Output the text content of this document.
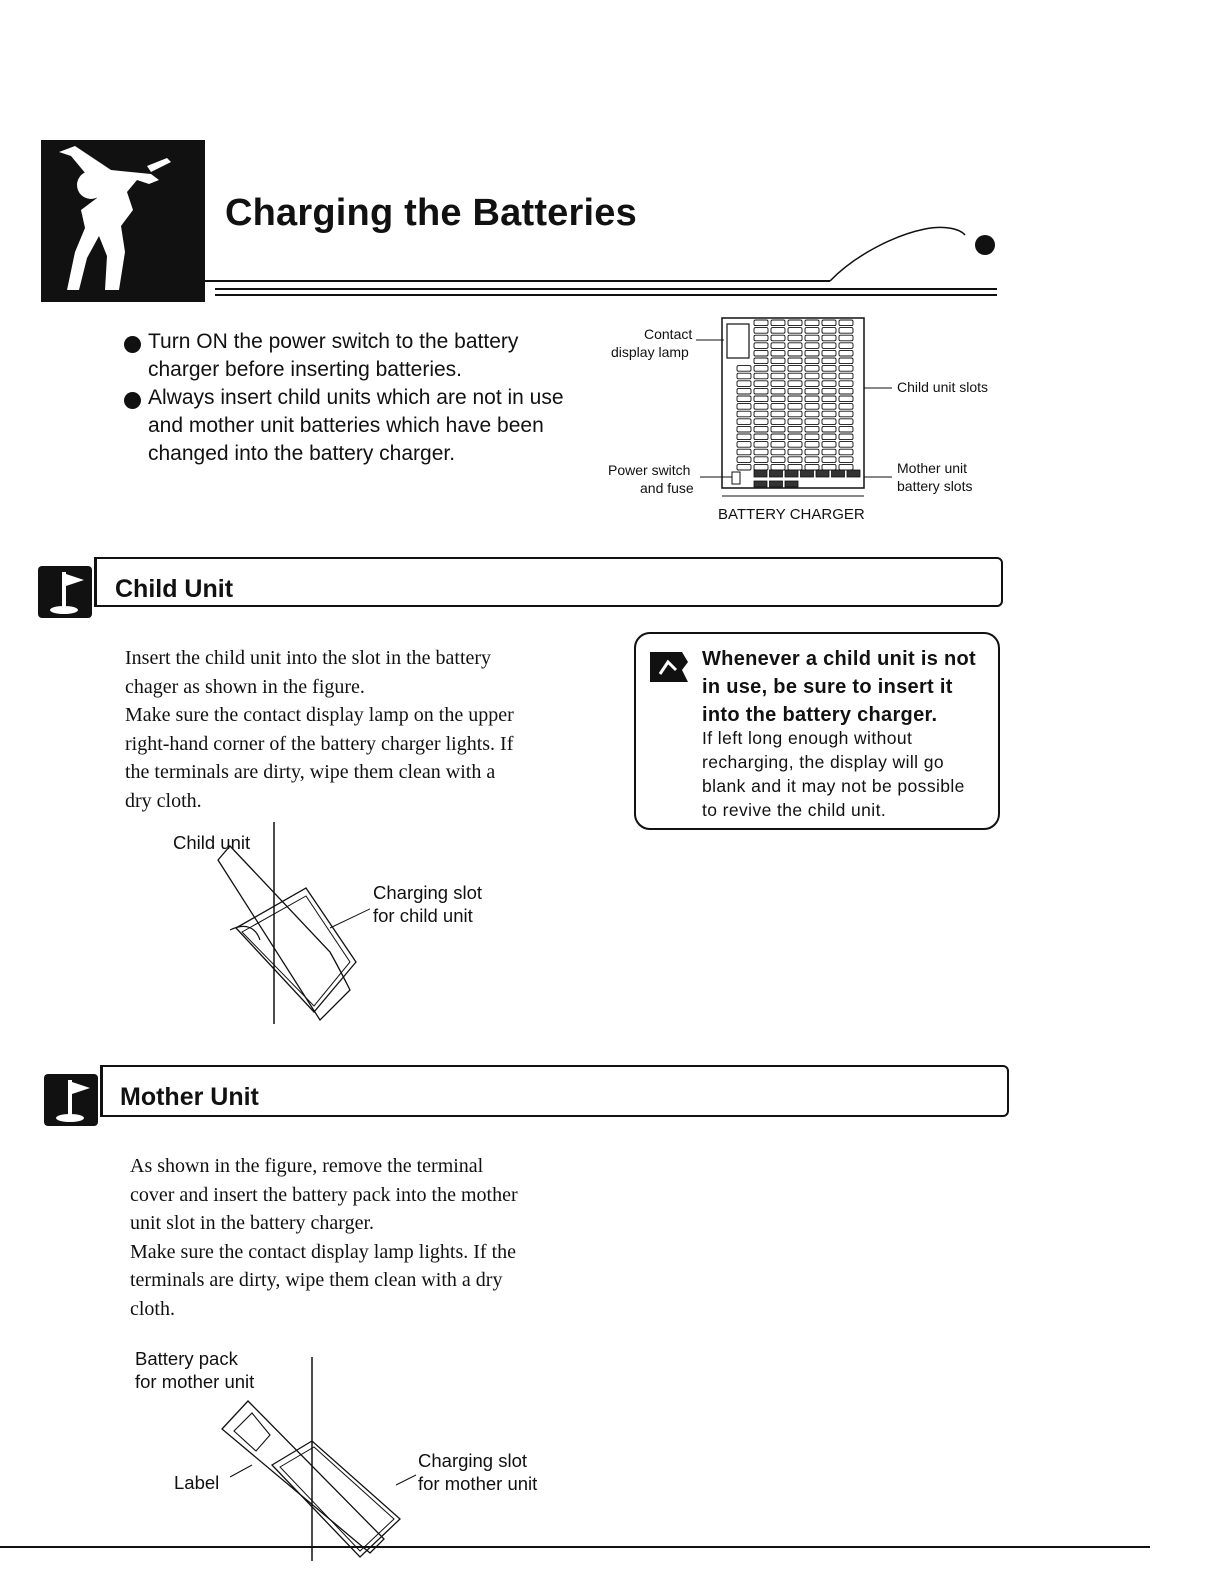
Charging the Batteries
Turn ON the power switch to the battery charger before inserting batteries.
Always insert child units which are not in use and mother unit batteries which have been changed into the battery charger.
Contact
display lamp
Child unit slots
Power switch
and fuse
Mother unit
battery slots
BATTERY CHARGER
Child Unit
Insert the child unit into the slot in the battery
chager as shown in the figure.
Make sure the contact display lamp on the upper
right-hand corner of the battery charger lights. If
the terminals are dirty, wipe them clean with a
dry cloth.
Whenever a child unit is not
in use, be sure to insert it
into the battery charger.
If left long enough without
recharging, the display will go
blank and it may not be possible
to revive the child unit.
Child unit
Charging slot
for child unit
Mother Unit
As shown in the figure, remove the terminal
cover and insert the battery pack into the mother
unit slot in the battery charger.
Make sure the contact display lamp lights. If the
terminals are dirty, wipe them clean with a dry
cloth.
Battery pack
for mother unit
Label
Charging slot
for mother unit
